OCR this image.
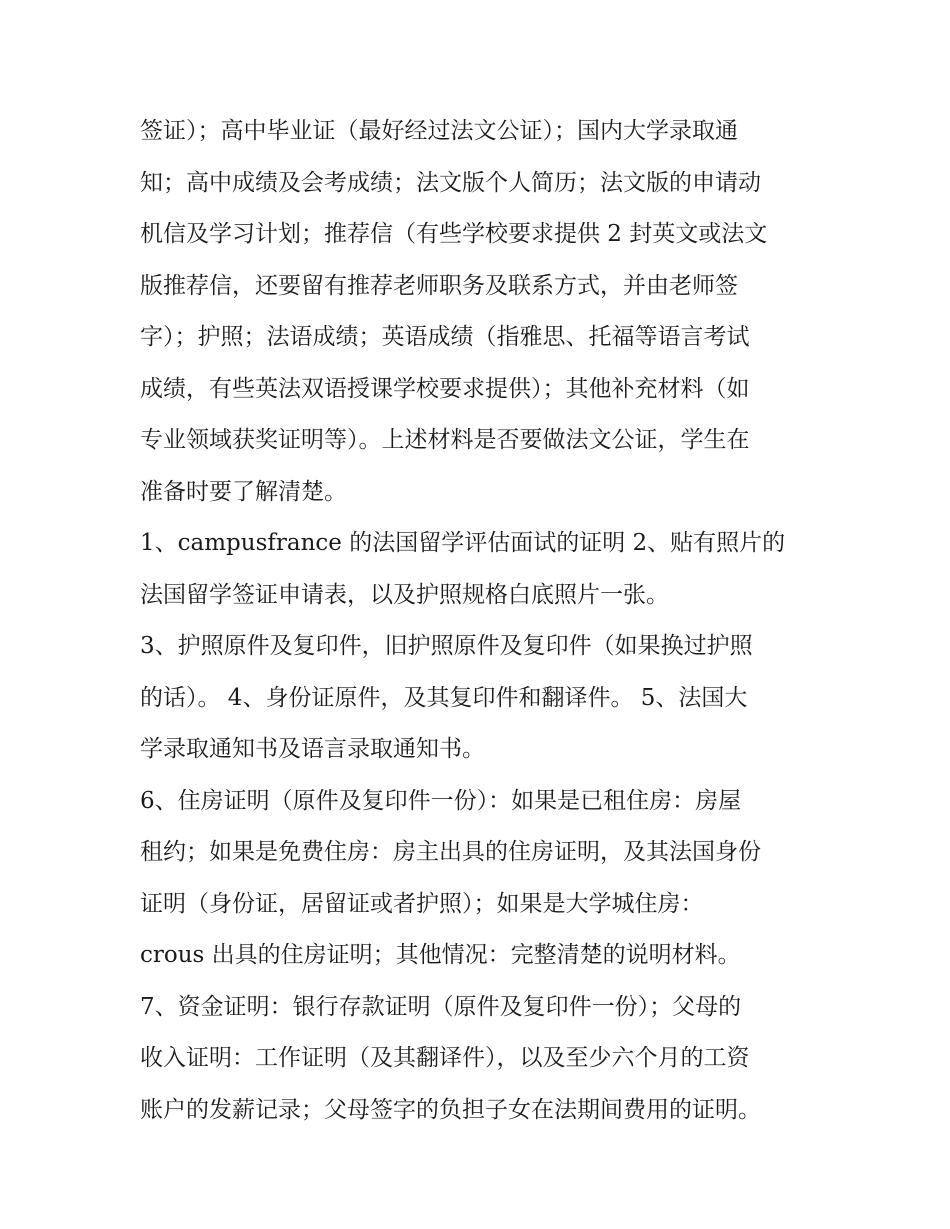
签证）；高中毕业证（最好经过法文公证）；国内大学录取通
知；高中成绩及会考成绩；法文版个人简历；法文版的申请动
机信及学习计划；推荐信（有些学校要求提供 2 封英文或法文
版推荐信，还要留有推荐老师职务及联系方式，并由老师签
字）；护照；法语成绩；英语成绩（指雅思、托福等语言考试
成绩，有些英法双语授课学校要求提供）；其他补充材料（如
专业领域获奖证明等）。上述材料是否要做法文公证，学生在
准备时要了解清楚。
1、campusfrance 的法国留学评估面试的证明 2、贴有照片的
法国留学签证申请表，以及护照规格白底照片一张。
3、护照原件及复印件，旧护照原件及复印件（如果换过护照
的话）。 4、身份证原件，及其复印件和翻译件。 5、法国大
学录取通知书及语言录取通知书。
6、住房证明（原件及复印件一份）：如果是已租住房：房屋
租约；如果是免费住房：房主出具的住房证明，及其法国身份
证明（身份证，居留证或者护照）；如果是大学城住房：
crous 出具的住房证明；其他情况：完整清楚的说明材料。
7、资金证明：银行存款证明（原件及复印件一份）；父母的
收入证明：工作证明（及其翻译件），以及至少六个月的工资
账户的发薪记录；父母签字的负担子女在法期间费用的证明。
